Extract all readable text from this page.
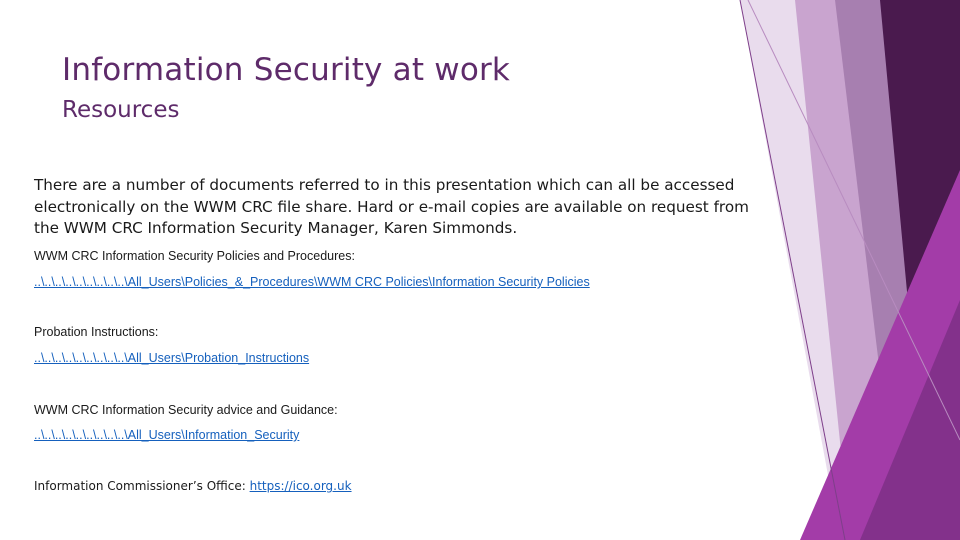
Information Security at work
Resources

There are a number of documents referred to in this presentation which can all be accessed electronically on the WWM CRC file share. Hard or e-mail copies are available on request from the WWM CRC Information Security Manager, Karen Simmonds.

WWM CRC Information Security Policies and Procedures:

..\..\..\..\..\..\..\..\..\All_Users\Policies_&_Procedures\WWM CRC Policies\Information Security Policies

Probation Instructions:

..\..\..\..\..\..\..\..\..\All_Users\Probation_Instructions

WWM CRC Information Security advice and Guidance:

..\..\..\..\..\..\..\..\..\All_Users\Information_Security
Information Commissioner’s Office: https://ico.org.uk
